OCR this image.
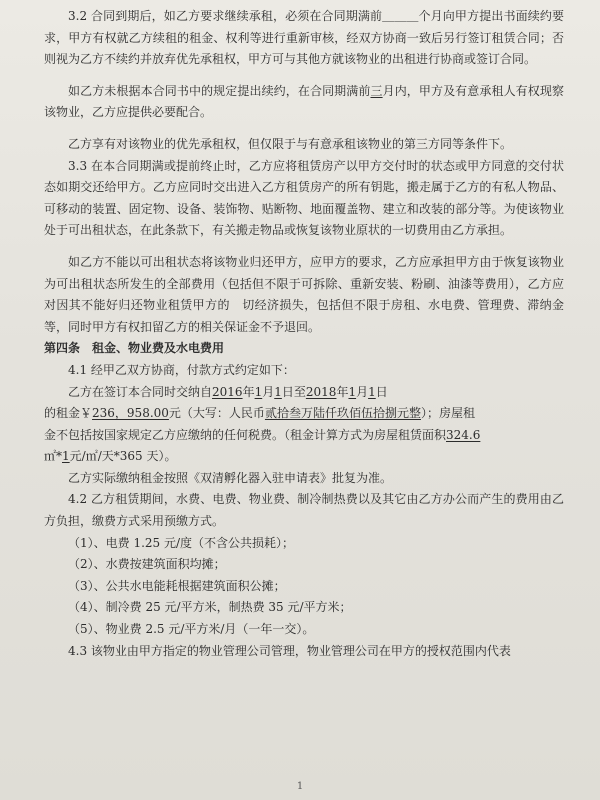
3.2 合同到期后，如乙方要求继续承租，必须在合同期满前＿＿＿个月向甲方提出书面续约要求，甲方有权就乙方续租的租金、权利等进行重新审核，经双方协商一致后另行签订租赁合同；否则视为乙方不续约并放弃优先承租权，甲方可与其他方就该物业的出租进行协商或签订合同。

如乙方未根据本合同书中的规定提出续约，在合同期满前三月内，甲方及有意承租人有权现察该物业，乙方应提供必要配合。

乙方享有对该物业的优先承租权，但仅限于与有意承租该物业的第三方同等条件下。

3.3 在本合同期满或提前终止时，乙方应将租赁房产以甲方交付时的状态或甲方同意的交付状态如期交还给甲方。乙方应同时交出进入乙方租赁房产的所有钥匙，搬走属于乙方的有私人物品、可移动的装置、固定物、设备、装饰物、贴断物、地面覆盖物、建立和改装的部分等。为使该物业处于可出租状态，在此条款下，有关搬走物品或恢复该物业原状的一切费用由乙方承担。

如乙方不能以可出租状态将该物业归还甲方，应甲方的要求，乙方应承担甲方由于恢复该物业为可出租状态所发生的全部费用（包括但不限于可拆除、重新安装、粉刷、油漆等费用），乙方应对因其不能好归还物业租赁甲方的　切经济损失，包括但不限于房租、水电费、管理费、滞纳金等，同时甲方有权扣留乙方的相关保证金不予退回。

第四条　租金、物业费及水电费用

4.1 经甲乙双方协商，付款方式约定如下：

乙方在签订本合同时交纳自2016年1月1日至2018年1月1日

的租金￥236，958.00元（大写：人民币贰拾叁万陆仟玖佰伍拾捌元整）；房屋租

金不包括按国家规定乙方应缴纳的任何税费。（租金计算方式为房屋租赁面积324.6

㎡*1元/㎡/天*365 天）。

乙方实际缴纳租金按照《双清孵化器入驻申请表》批复为准。

4.2 乙方租赁期间，水费、电费、物业费、制冷制热费以及其它由乙方办公而产生的费用由乙方负担，缴费方式采用预缴方式。

（1）、电费 1.25 元/度（不含公共损耗）；

（2）、水费按建筑面积均摊；

（3）、公共水电能耗根据建筑面积公摊；

（4）、制冷费 25 元/平方米，制热费 35 元/平方米；

（5）、物业费 2.5 元/平方米/月（一年一交）。

4.3 该物业由甲方指定的物业管理公司管理，物业管理公司在甲方的授权范围内代表

1
